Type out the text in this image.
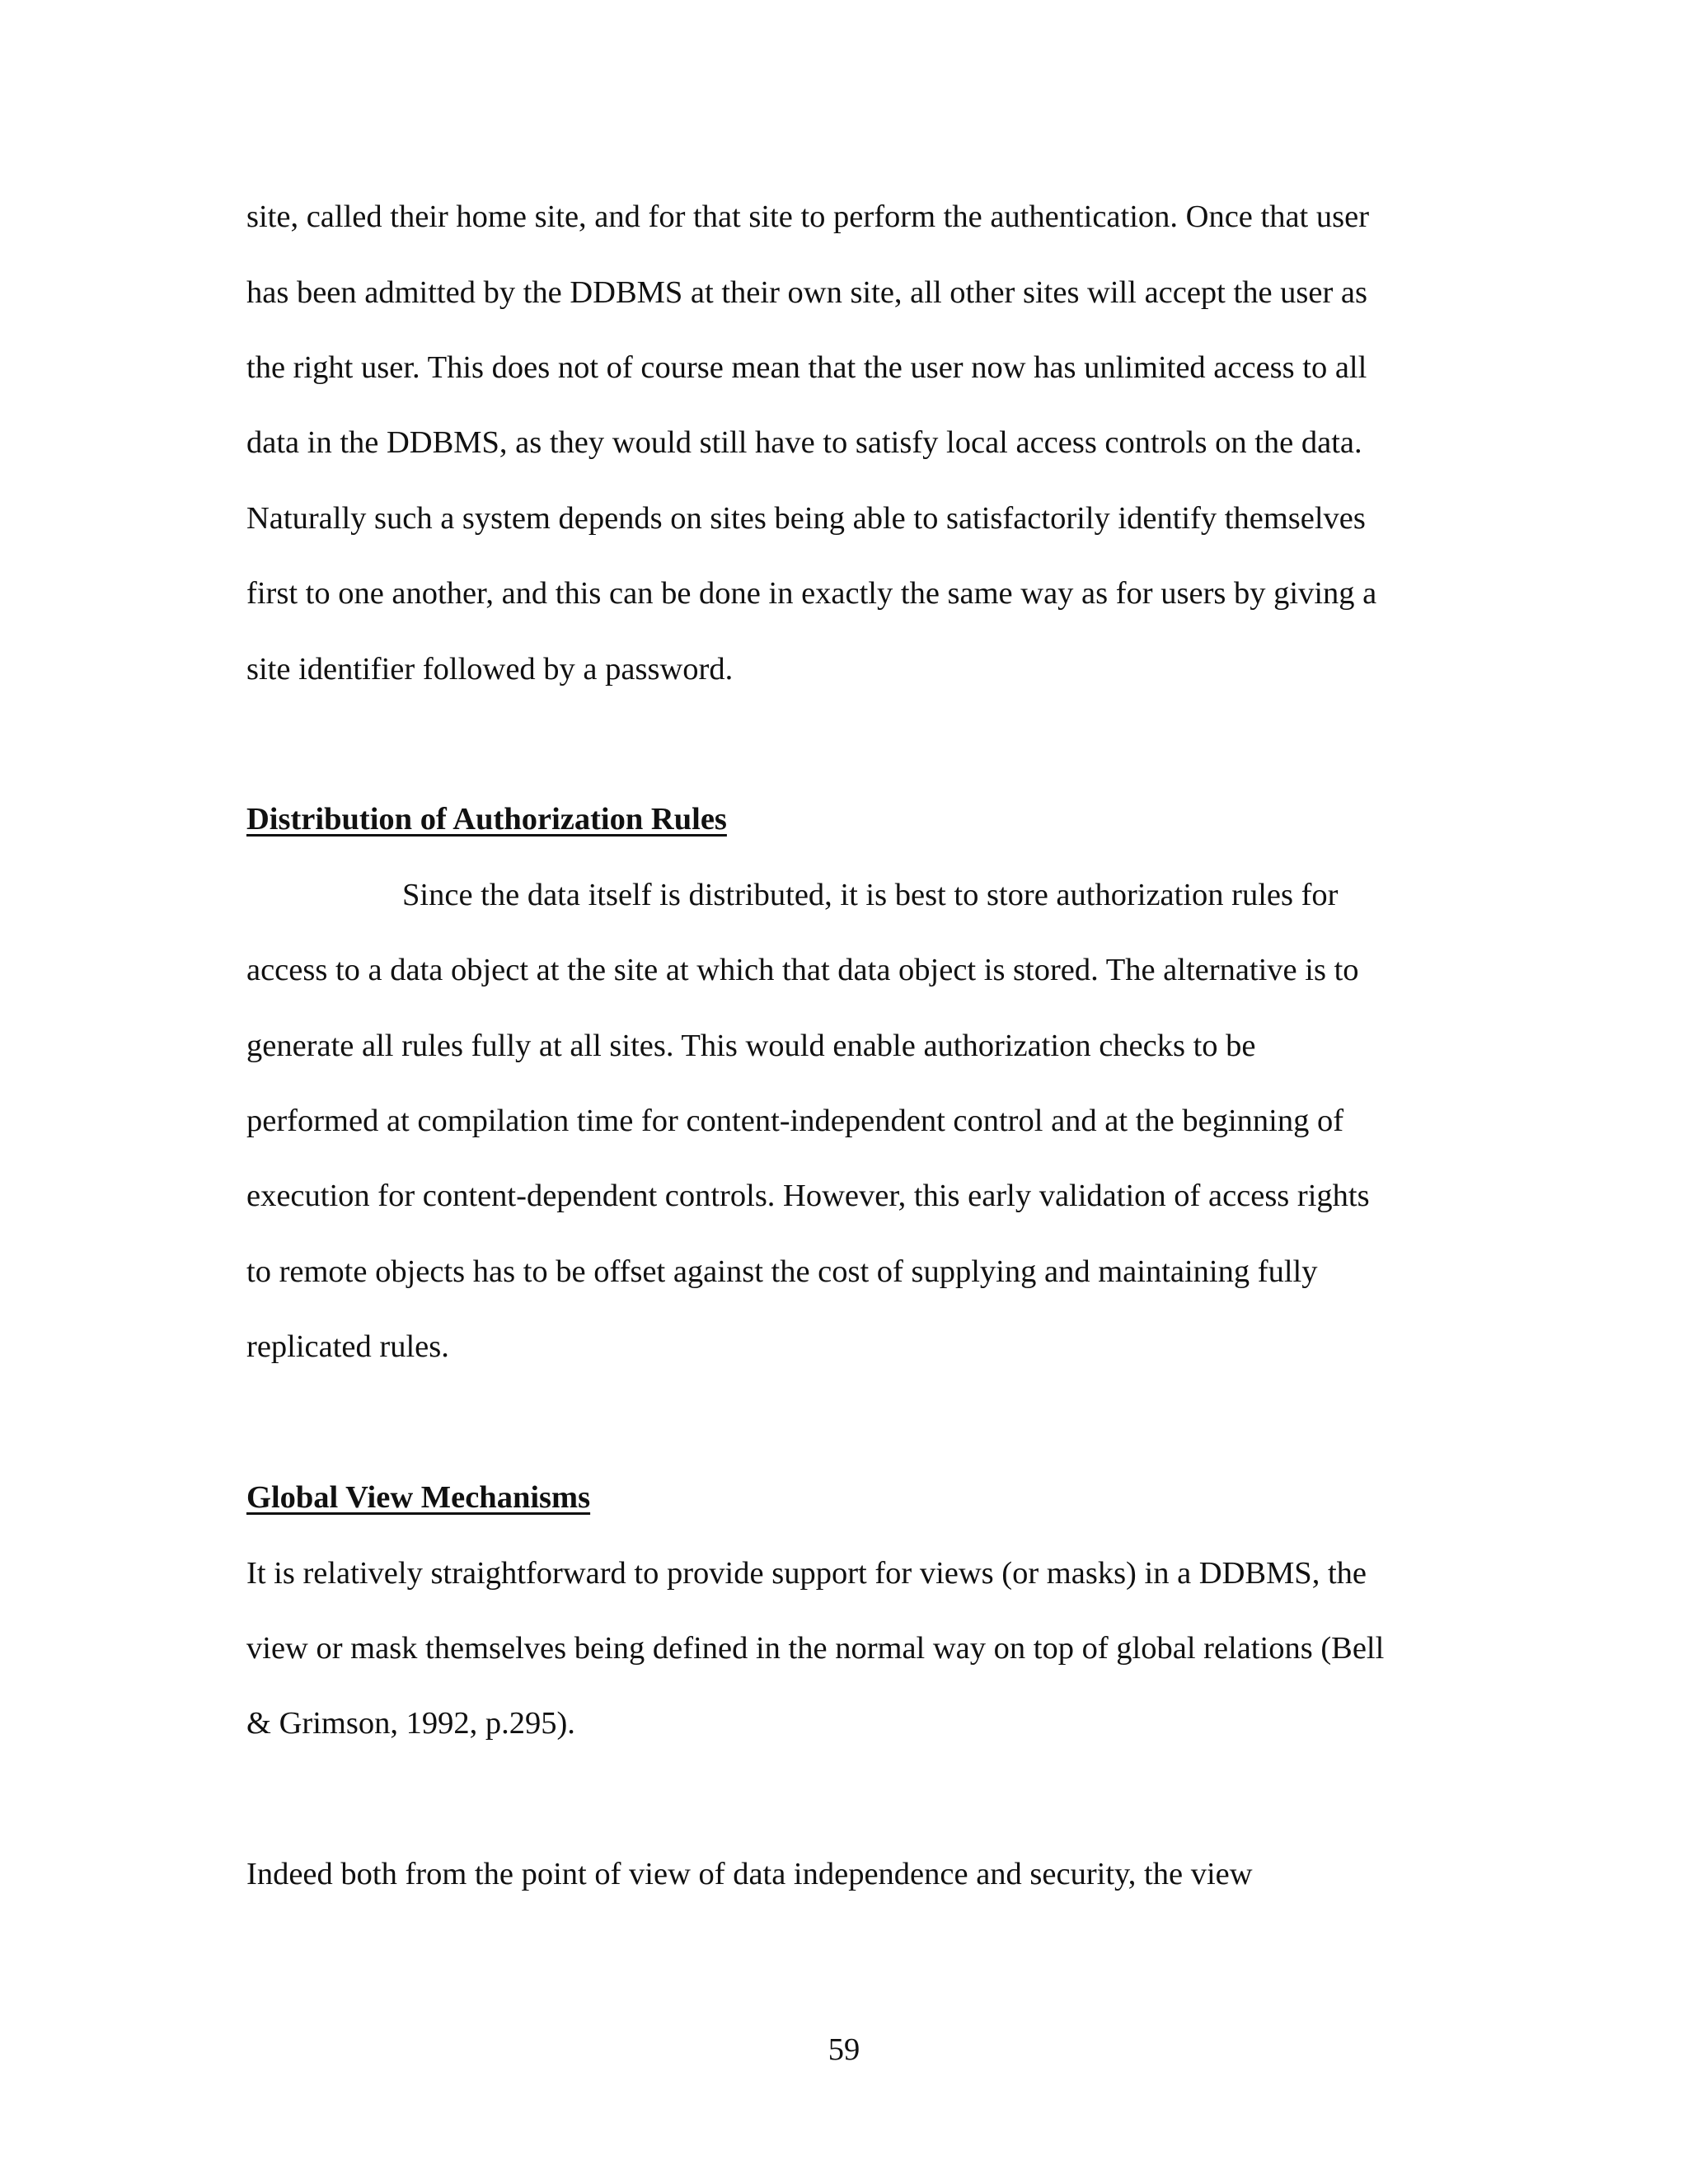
site, called their home site, and for that site to perform the authentication. Once that user

has been admitted by the DDBMS at their own site, all other sites will accept the user as

the right user. This does not of course mean that the user now has unlimited access to all

data in the DDBMS, as they would still have to satisfy local access controls on the data.

Naturally such a system depends on sites being able to satisfactorily identify themselves

first to one another, and this can be done in exactly the same way as for users by giving a

site identifier followed by a password.

Distribution of Authorization Rules

Since the data itself is distributed, it is best to store authorization rules for

access to a data object at the site at which that data object is stored. The alternative is to

generate all rules fully at all sites. This would enable authorization checks to be

performed at compilation time for content-independent control and at the beginning of

execution for content-dependent controls. However, this early validation of access rights

to remote objects has to be offset against the cost of supplying and maintaining fully

replicated rules.

Global View Mechanisms

It is relatively straightforward to provide support for views (or masks) in a DDBMS, the

view or mask themselves being defined in the normal way on top of global relations (Bell

& Grimson, 1992, p.295).

Indeed both from the point of view of data independence and security, the view

59
